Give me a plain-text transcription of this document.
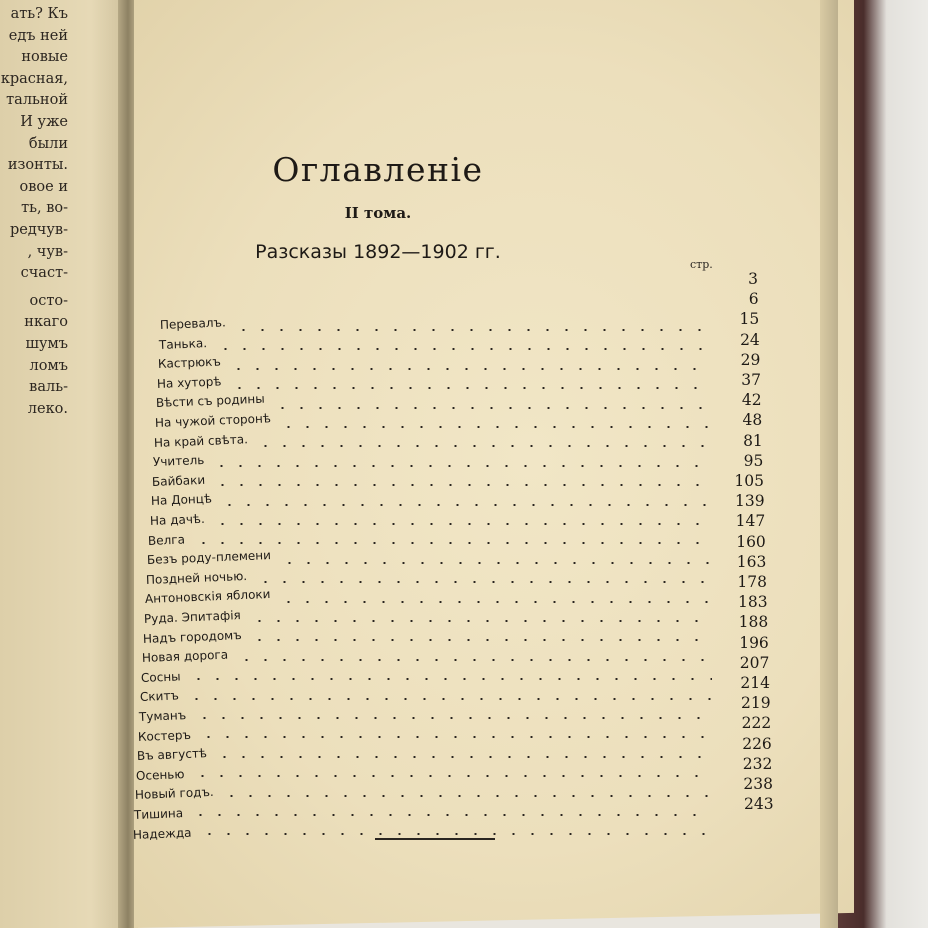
ать? Къ
едъ ней
новые
красная,
тальной
И уже
были
изонты.
овое и
ть, во-
редчув-
, чув-
счаст-
осто-
нкаго
шумъ
ломъ
валь-
леко.
Оглавленіе
II тома.
Разсказы 1892—1902 гг.
стр.
3
6
15
Перевалъ.
24
Танька.
29
Кастрюкъ
37
На хуторѣ
42
Вѣсти съ родины
48
На чужой сторонѣ
81
На край свѣта.
95
Учитель
105
Байбаки
139
На Донцѣ
147
На дачѣ.
160
Велга
163
Безъ роду-племени
178
Поздней ночью.
183
Антоновскія яблоки
188
Руда. Эпитафія
196
Надъ городомъ
207
Новая дорога
214
Сосны
219
Скитъ
222
Туманъ
226
Костеръ
232
Въ августѣ
238
Осенью
243
Новый годъ.
Тишина
Надежда
